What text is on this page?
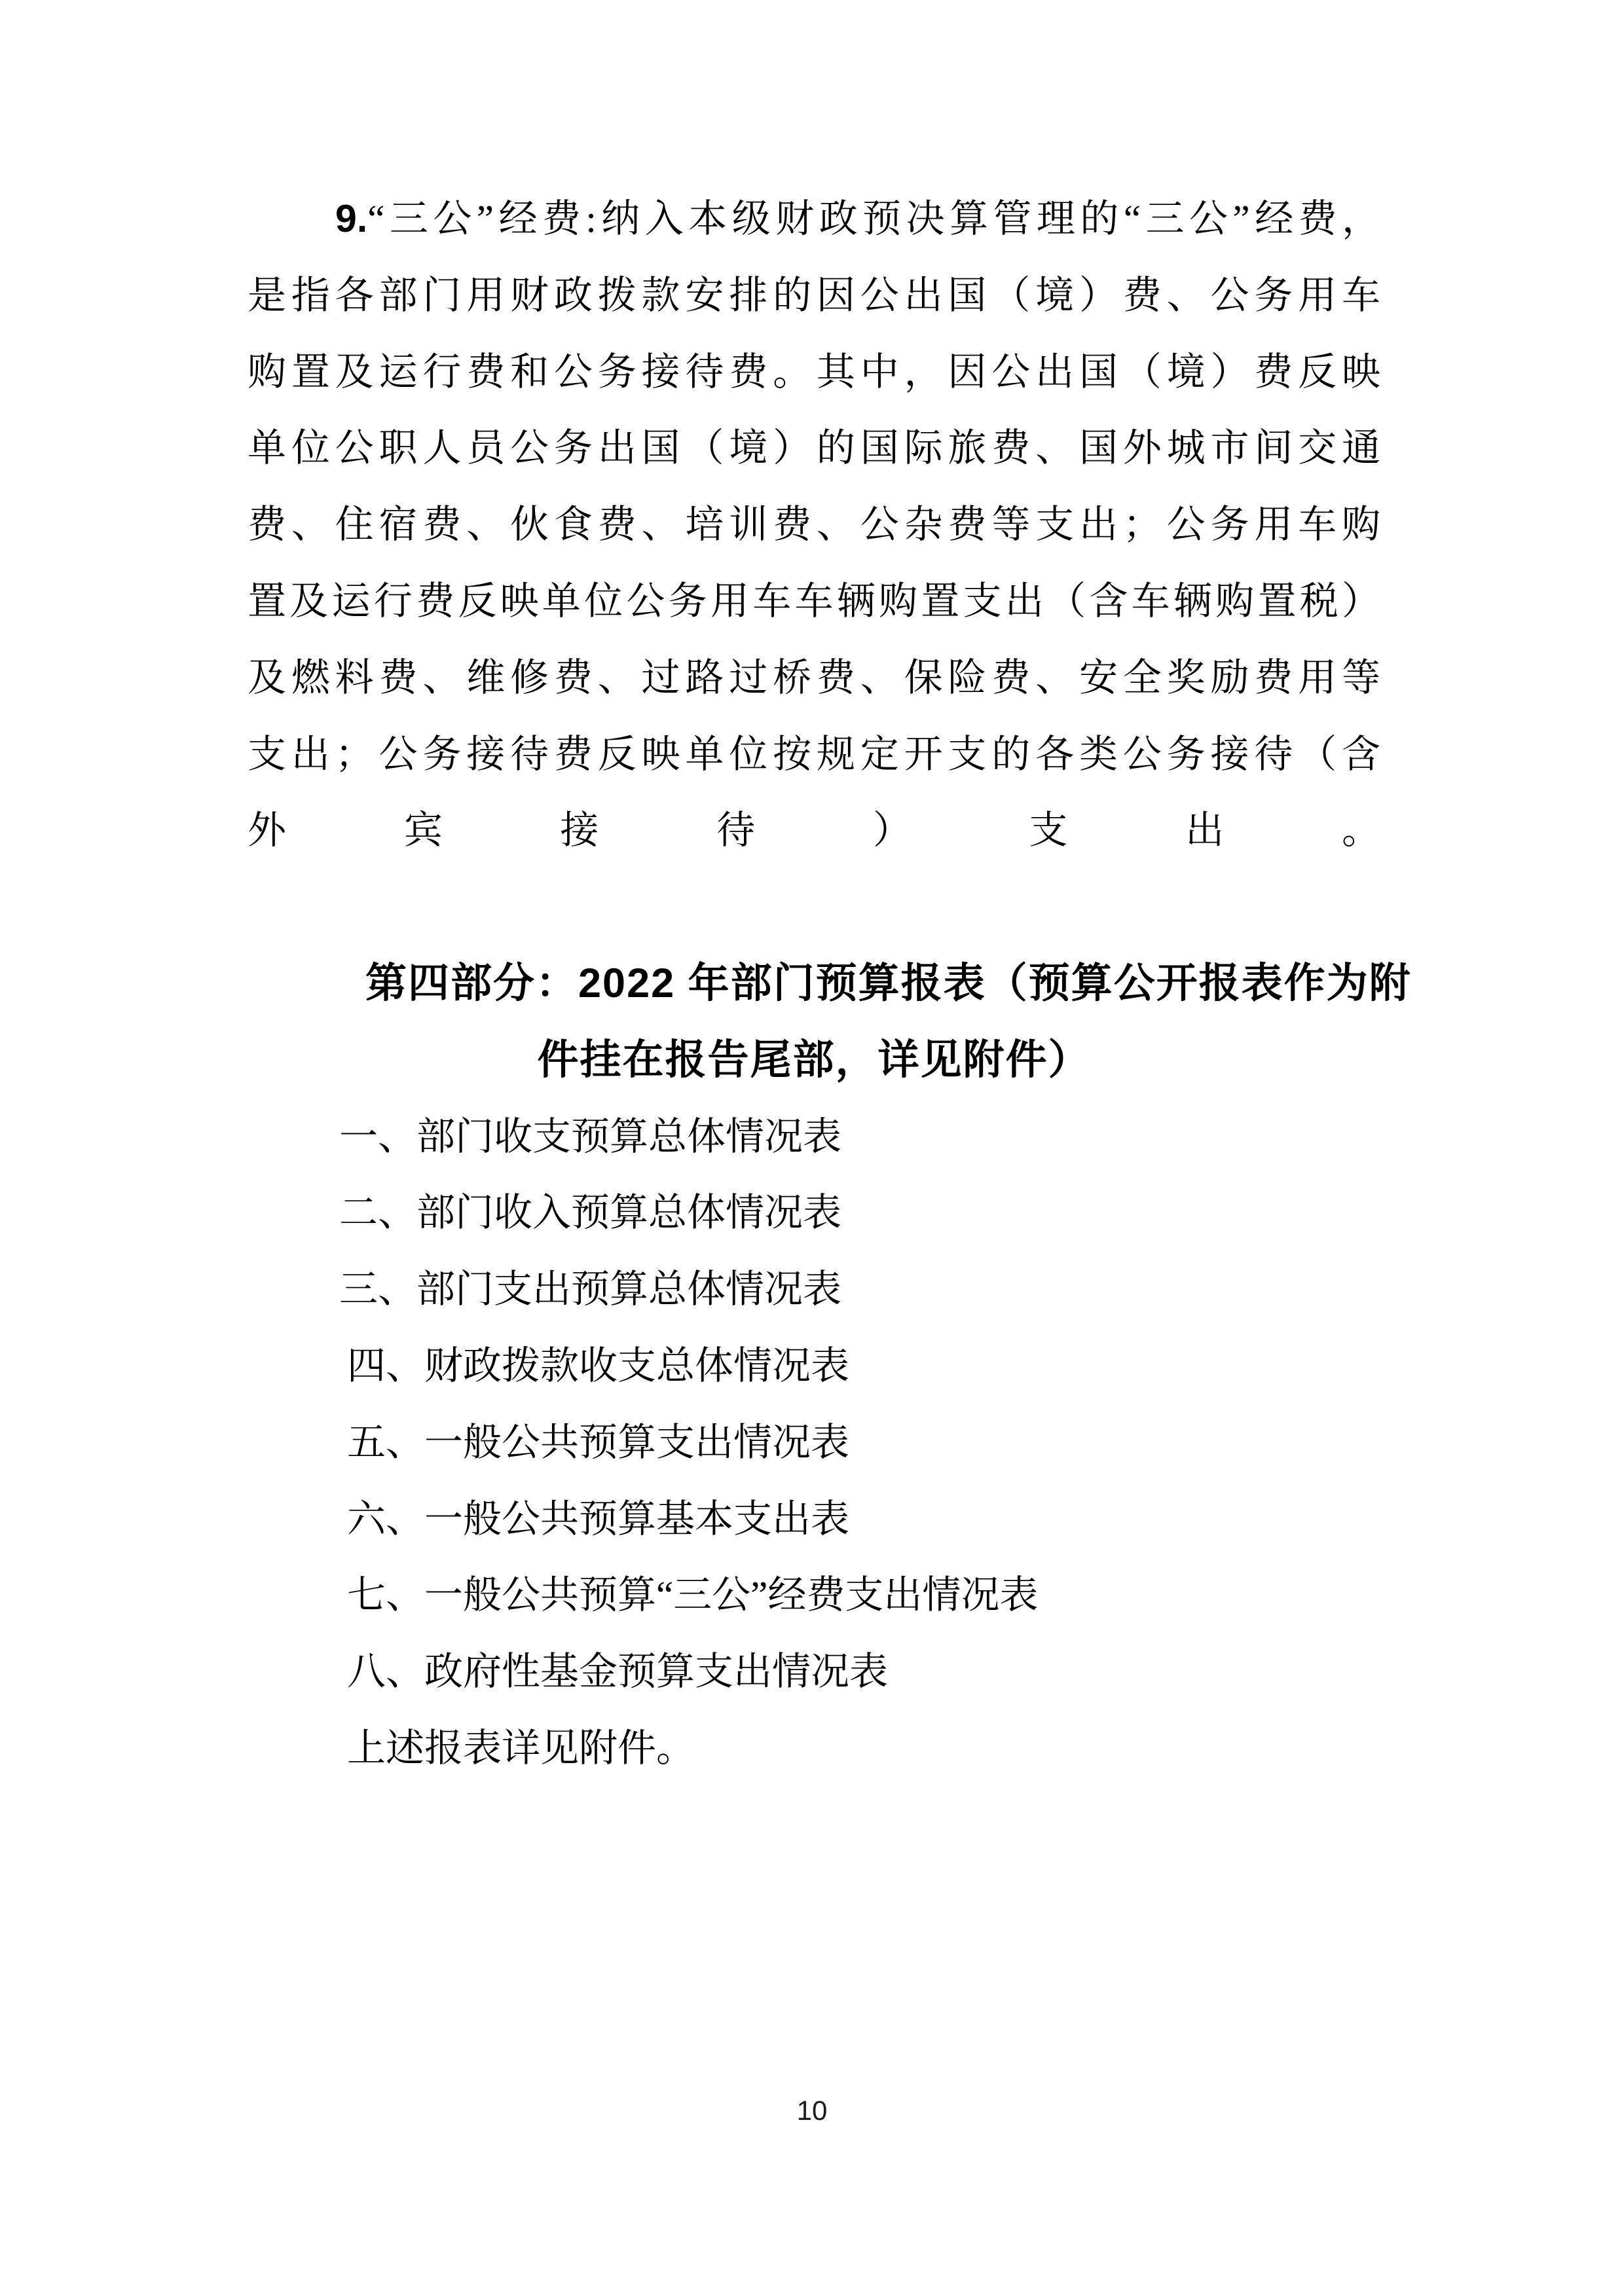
9.“三公”经费:纳入本级财政预决算管理的“三公”经费，
是指各部门用财政拨款安排的因公出国（境）费、公务用车
购置及运行费和公务接待费。其中，因公出国（境）费反映
单位公职人员公务出国（境）的国际旅费、国外城市间交通
费、住宿费、伙食费、培训费、公杂费等支出；公务用车购
置及运行费反映单位公务用车车辆购置支出（含车辆购置税）
及燃料费、维修费、过路过桥费、保险费、安全奖励费用等
支出；公务接待费反映单位按规定开支的各类公务接待（含
外宾接待）支出。
第四部分：2022 年部门预算报表（预算公开报表作为附
件挂在报告尾部，详见附件）
一、部门收支预算总体情况表
二、部门收入预算总体情况表
三、部门支出预算总体情况表
四、财政拨款收支总体情况表
五、一般公共预算支出情况表
六、一般公共预算基本支出表
七、一般公共预算“三公”经费支出情况表
八、政府性基金预算支出情况表
上述报表详见附件。
10
